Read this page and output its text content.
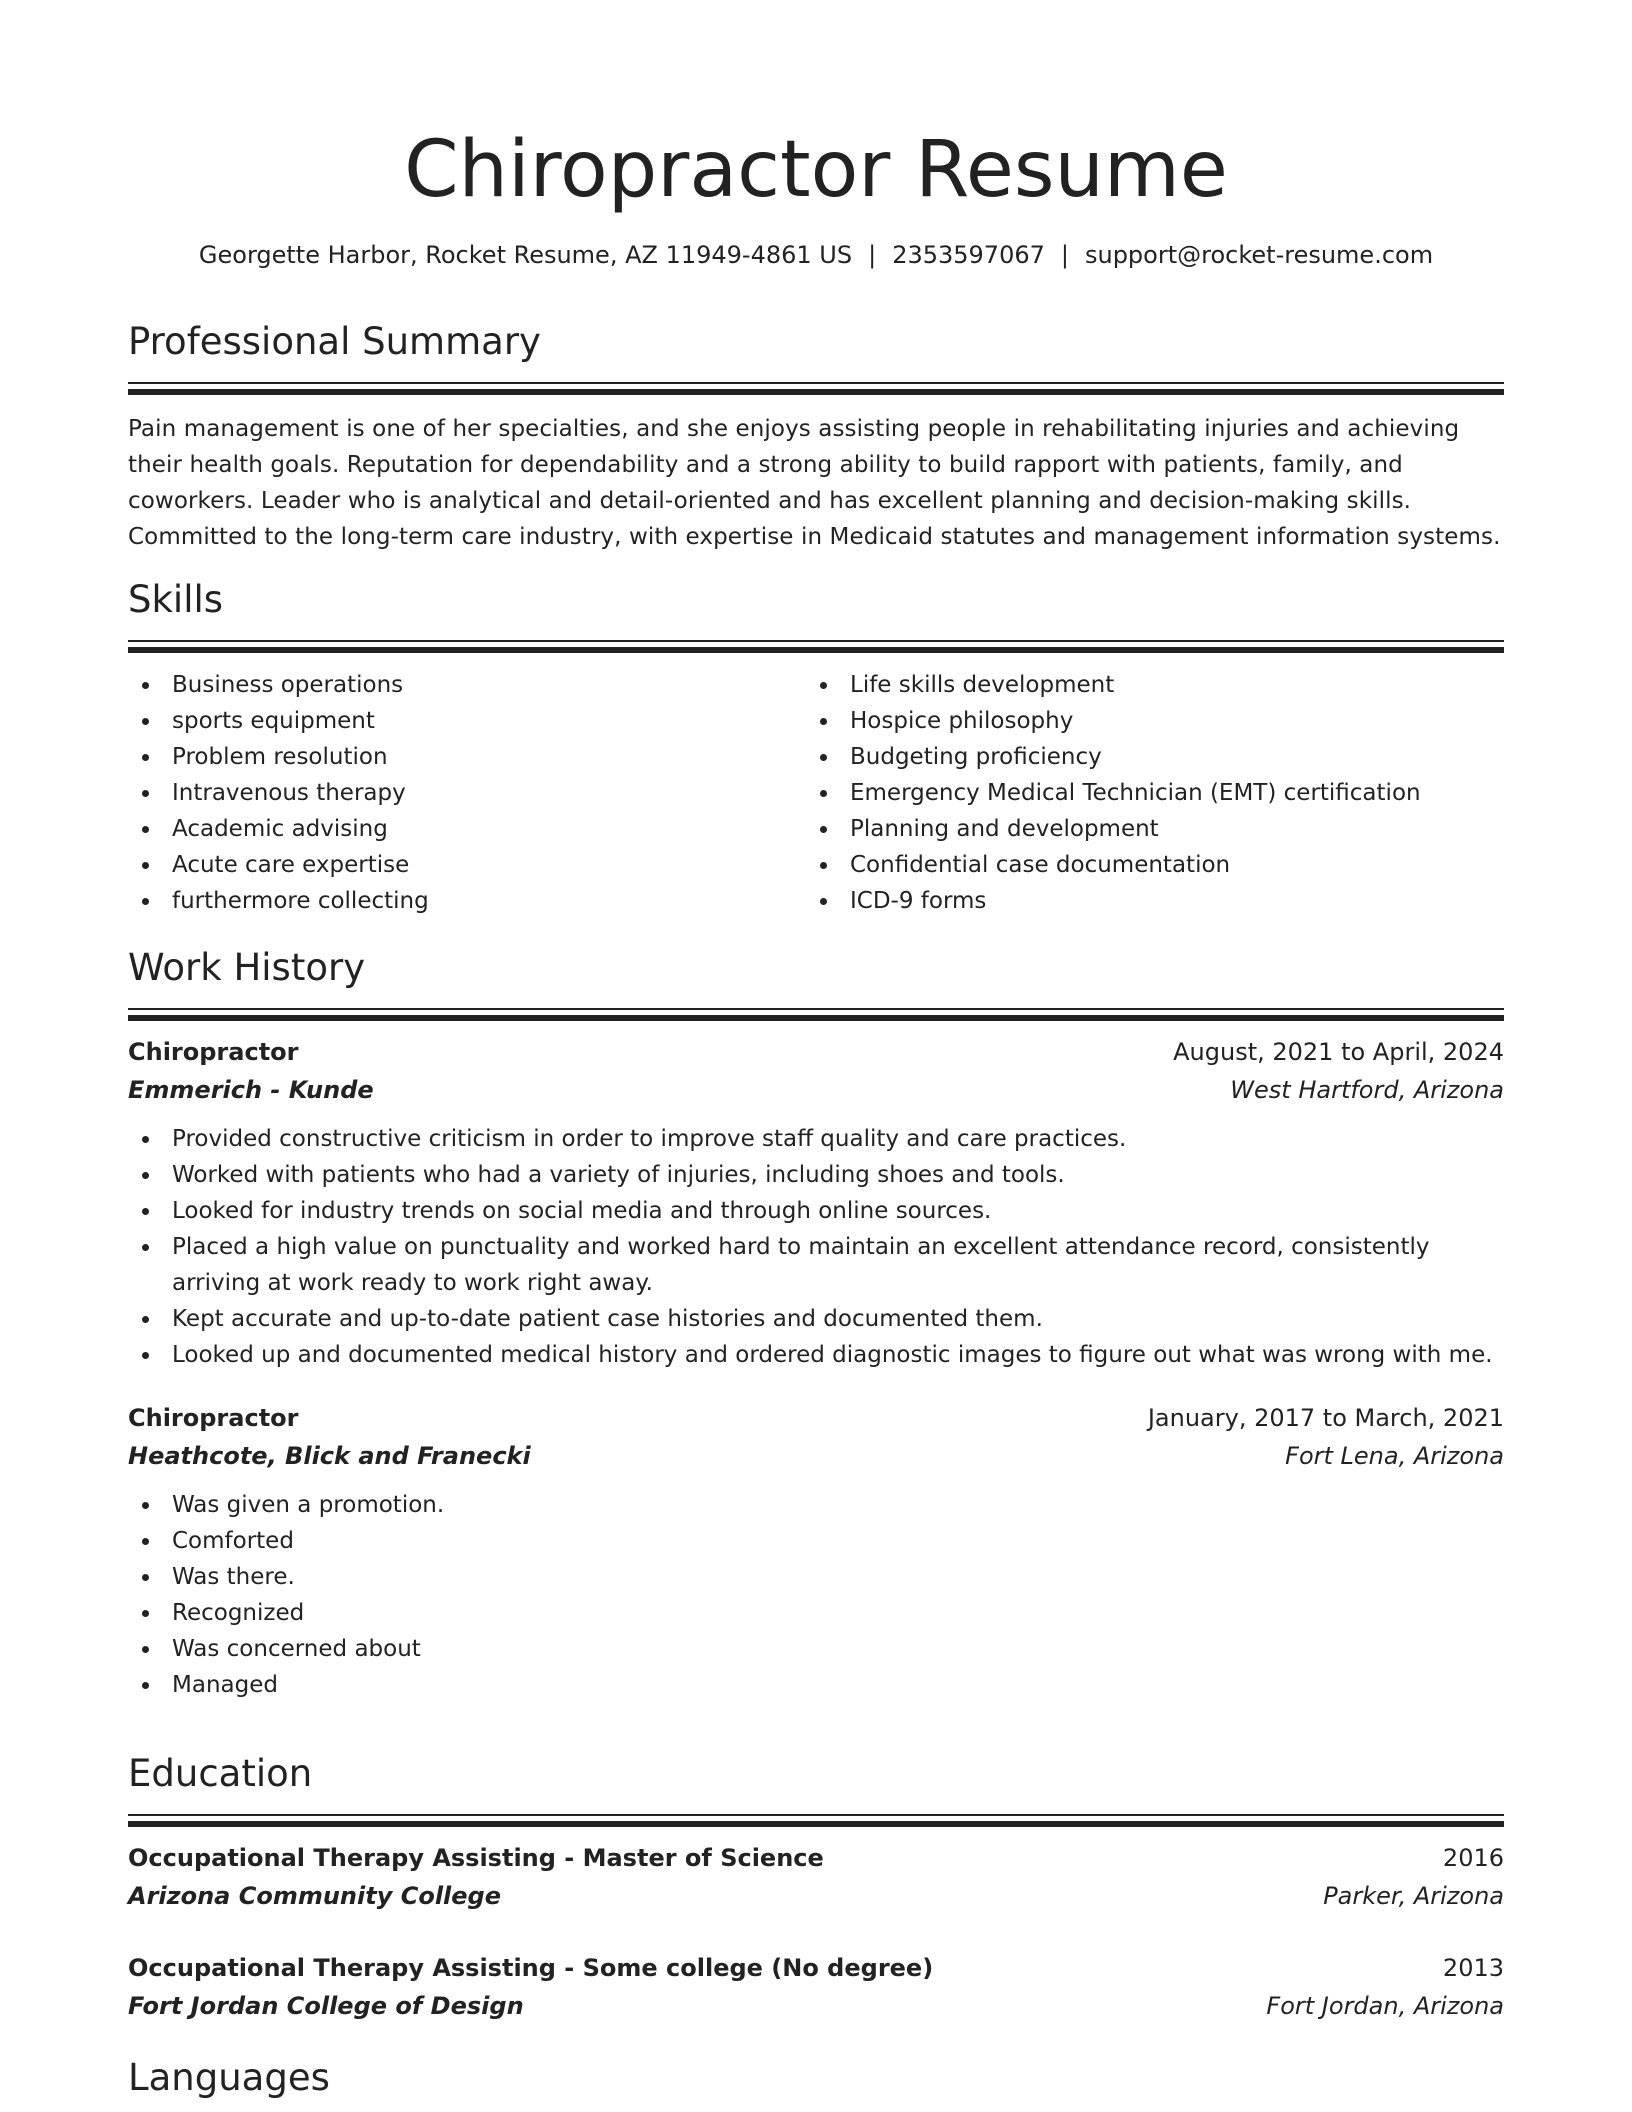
Chiropractor Resume
Georgette Harbor, Rocket Resume, AZ 11949-4861 US | 2353597067 | support@rocket-resume.com
Professional Summary
Pain management is one of her specialties, and she enjoys assisting people in rehabilitating injuries and achieving their health goals. Reputation for dependability and a strong ability to build rapport with patients, family, and coworkers. Leader who is analytical and detail-oriented and has excellent planning and decision-making skills. Committed to the long-term care industry, with expertise in Medicaid statutes and management information systems.
Skills
Business operations
sports equipment
Problem resolution
Intravenous therapy
Academic advising
Acute care expertise
furthermore collecting
Life skills development
Hospice philosophy
Budgeting proficiency
Emergency Medical Technician (EMT) certification
Planning and development
Confidential case documentation
ICD-9 forms
Work History
Chiropractor	August, 2021 to April, 2024
Emmerich - Kunde	West Hartford, Arizona
Provided constructive criticism in order to improve staff quality and care practices.
Worked with patients who had a variety of injuries, including shoes and tools.
Looked for industry trends on social media and through online sources.
Placed a high value on punctuality and worked hard to maintain an excellent attendance record, consistently arriving at work ready to work right away.
Kept accurate and up-to-date patient case histories and documented them.
Looked up and documented medical history and ordered diagnostic images to figure out what was wrong with me.
Chiropractor	January, 2017 to March, 2021
Heathcote, Blick and Franecki	Fort Lena, Arizona
Was given a promotion.
Comforted
Was there.
Recognized
Was concerned about
Managed
Education
Occupational Therapy Assisting - Master of Science	2016
Arizona Community College	Parker, Arizona
Occupational Therapy Assisting - Some college (No degree)	2013
Fort Jordan College of Design	Fort Jordan, Arizona
Languages
